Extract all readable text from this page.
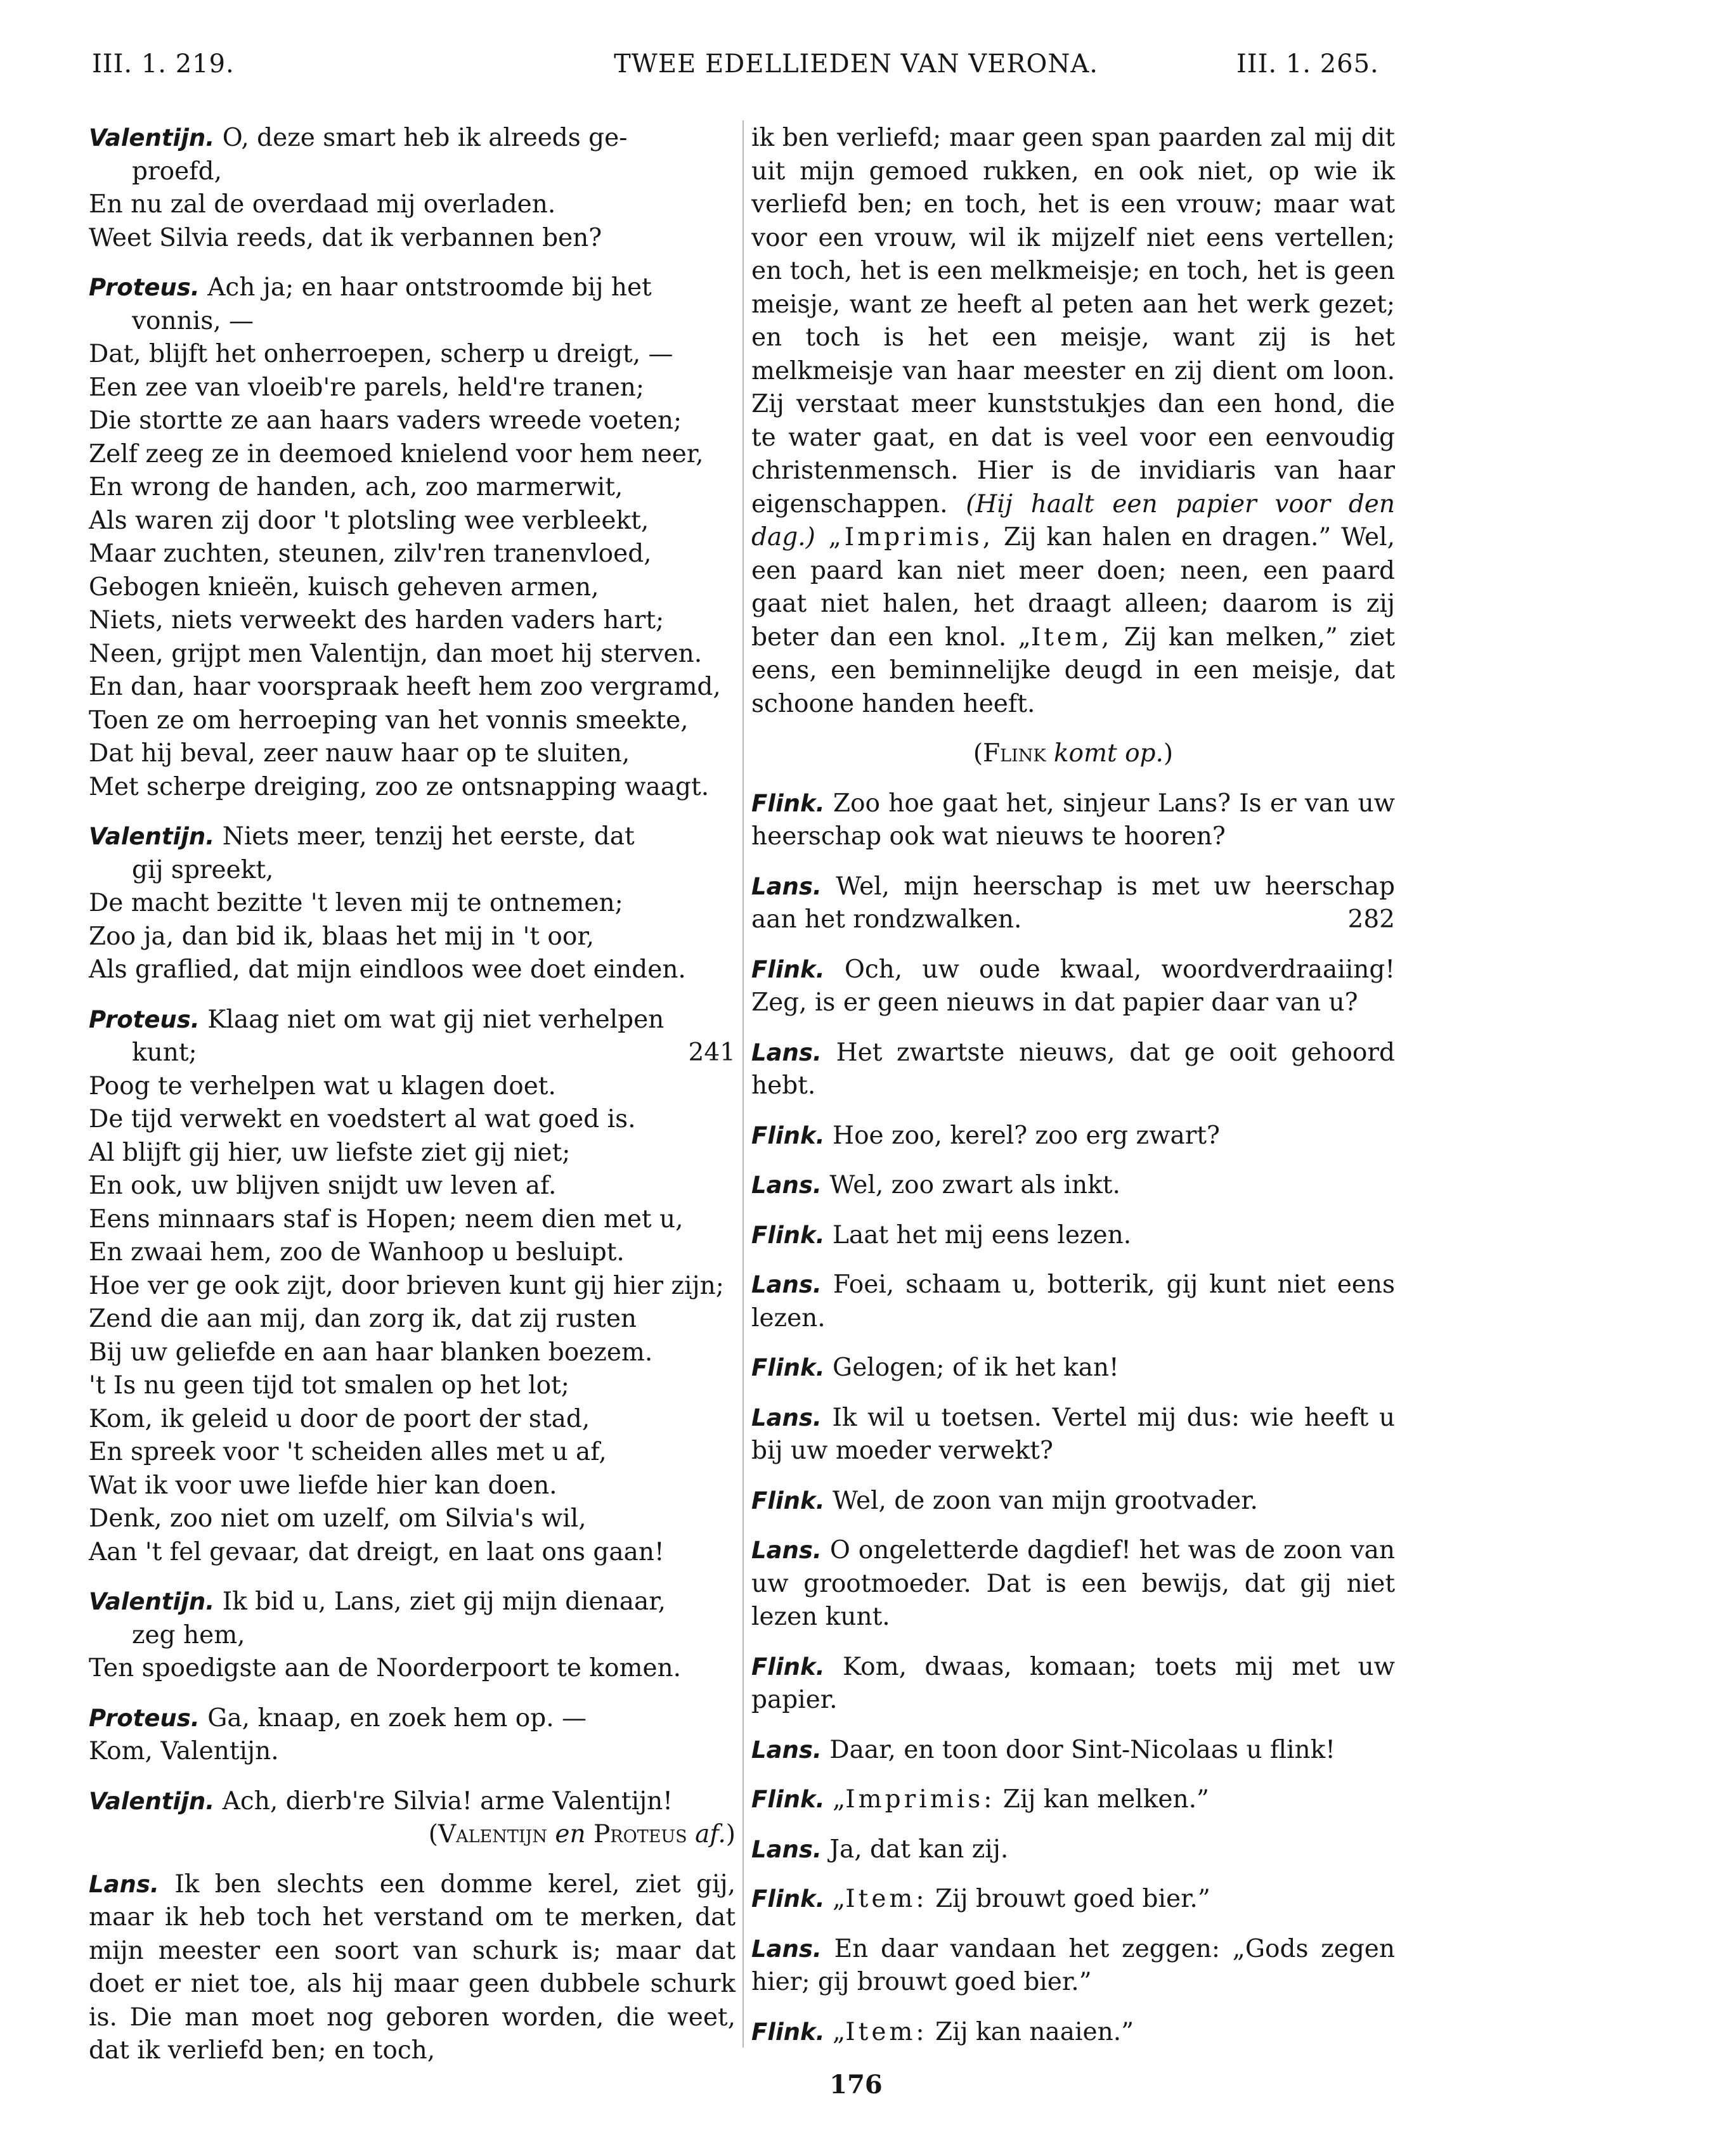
III. 1. 219.	TWEE EDELLIEDEN VAN VERONA.	III. 1. 265.
Valentijn. O, deze smart heb ik alreeds ge-
proefd,
En nu zal de overdaad mij overladen.
Weet Silvia reeds, dat ik verbannen ben?
Proteus. Ach ja; en haar ontstroomde bij het
vonnis, —
Dat, blijft het onherroepen, scherp u dreigt, —
Een zee van vloeib're parels, held're tranen;
Die stortte ze aan haars vaders wreede voeten;
Zelf zeeg ze in deemoed knielend voor hem neer,
En wrong de handen, ach, zoo marmerwit,
Als waren zij door 't plotsling wee verbleekt,
Maar zuchten, steunen, zilv'ren tranenvloed,
Gebogen knieën, kuisch geheven armen,
Niets, niets verweekt des harden vaders hart;
Neen, grijpt men Valentijn, dan moet hij sterven.
En dan, haar voorspraak heeft hem zoo vergramd,
Toen ze om herroeping van het vonnis smeekte,
Dat hij beval, zeer nauw haar op te sluiten,
Met scherpe dreiging, zoo ze ontsnapping waagt.
Valentijn. Niets meer, tenzij het eerste, dat
gij spreekt,
De macht bezitte 't leven mij te ontnemen;
Zoo ja, dan bid ik, blaas het mij in 't oor,
Als graflied, dat mijn eindloos wee doet einden.
Proteus. Klaag niet om wat gij niet verhelpen
kunt;	241
Poog te verhelpen wat u klagen doet.
De tijd verwekt en voedstert al wat goed is.
Al blijft gij hier, uw liefste ziet gij niet;
En ook, uw blijven snijdt uw leven af.
Eens minnaars staf is Hopen; neem dien met u,
En zwaai hem, zoo de Wanhoop u besluipt.
Hoe ver ge ook zijt, door brieven kunt gij hier zijn;
Zend die aan mij, dan zorg ik, dat zij rusten
Bij uw geliefde en aan haar blanken boezem.
't Is nu geen tijd tot smalen op het lot;
Kom, ik geleid u door de poort der stad,
En spreek voor 't scheiden alles met u af,
Wat ik voor uwe liefde hier kan doen.
Denk, zoo niet om uzelf, om Silvia's wil,
Aan 't fel gevaar, dat dreigt, en laat ons gaan!
Valentijn. Ik bid u, Lans, ziet gij mijn dienaar,
zeg hem,
Ten spoedigste aan de Noorderpoort te komen.
Proteus. Ga, knaap, en zoek hem op. —
Kom, Valentijn.
Valentijn. Ach, dierb're Silvia! arme Valentijn!
(Valentijn en Proteus af.)
Lans. Ik ben slechts een domme kerel, ziet gij, maar ik heb toch het verstand om te merken, dat mijn meester een soort van schurk is; maar dat doet er niet toe, als hij maar geen dubbele schurk is. Die man moet nog geboren worden, die weet, dat ik verliefd ben; en toch,
ik ben verliefd; maar geen span paarden zal mij dit uit mijn gemoed rukken, en ook niet, op wie ik verliefd ben; en toch, het is een vrouw; maar wat voor een vrouw, wil ik mijzelf niet eens vertellen; en toch, het is een melkmeisje; en toch, het is geen meisje, want ze heeft al peten aan het werk gezet; en toch is het een meisje, want zij is het melkmeisje van haar meester en zij dient om loon. Zij verstaat meer kunststukjes dan een hond, die te water gaat, en dat is veel voor een eenvoudig christenmensch. Hier is de invidiaris van haar eigenschappen. (Hij haalt een papier voor den dag.) „Imprimis, Zij kan halen en dragen.” Wel, een paard kan niet meer doen; neen, een paard gaat niet halen, het draagt alleen; daarom is zij beter dan een knol. „Item, Zij kan melken,” ziet eens, een beminnelijke deugd in een meisje, dat schoone handen heeft.
(Flink komt op.)
Flink. Zoo hoe gaat het, sinjeur Lans? Is er van uw heerschap ook wat nieuws te hooren?
Lans. Wel, mijn heerschap is met uw heerschap aan het rondzwalken.	282
Flink. Och, uw oude kwaal, woordverdraaiing! Zeg, is er geen nieuws in dat papier daar van u?
Lans. Het zwartste nieuws, dat ge ooit gehoord hebt.
Flink. Hoe zoo, kerel? zoo erg zwart?
Lans. Wel, zoo zwart als inkt.
Flink. Laat het mij eens lezen.
Lans. Foei, schaam u, botterik, gij kunt niet eens lezen.
Flink. Gelogen; of ik het kan!
Lans. Ik wil u toetsen. Vertel mij dus: wie heeft u bij uw moeder verwekt?
Flink. Wel, de zoon van mijn grootvader.
Lans. O ongeletterde dagdief! het was de zoon van uw grootmoeder. Dat is een bewijs, dat gij niet lezen kunt.
Flink. Kom, dwaas, komaan; toets mij met uw papier.
Lans. Daar, en toon door Sint-Nicolaas u flink!
Flink. „Imprimis: Zij kan melken.”
Lans. Ja, dat kan zij.
Flink. „Item: Zij brouwt goed bier.”
Lans. En daar vandaan het zeggen: „Gods zegen hier; gij brouwt goed bier.”
Flink. „Item: Zij kan naaien.”
176
